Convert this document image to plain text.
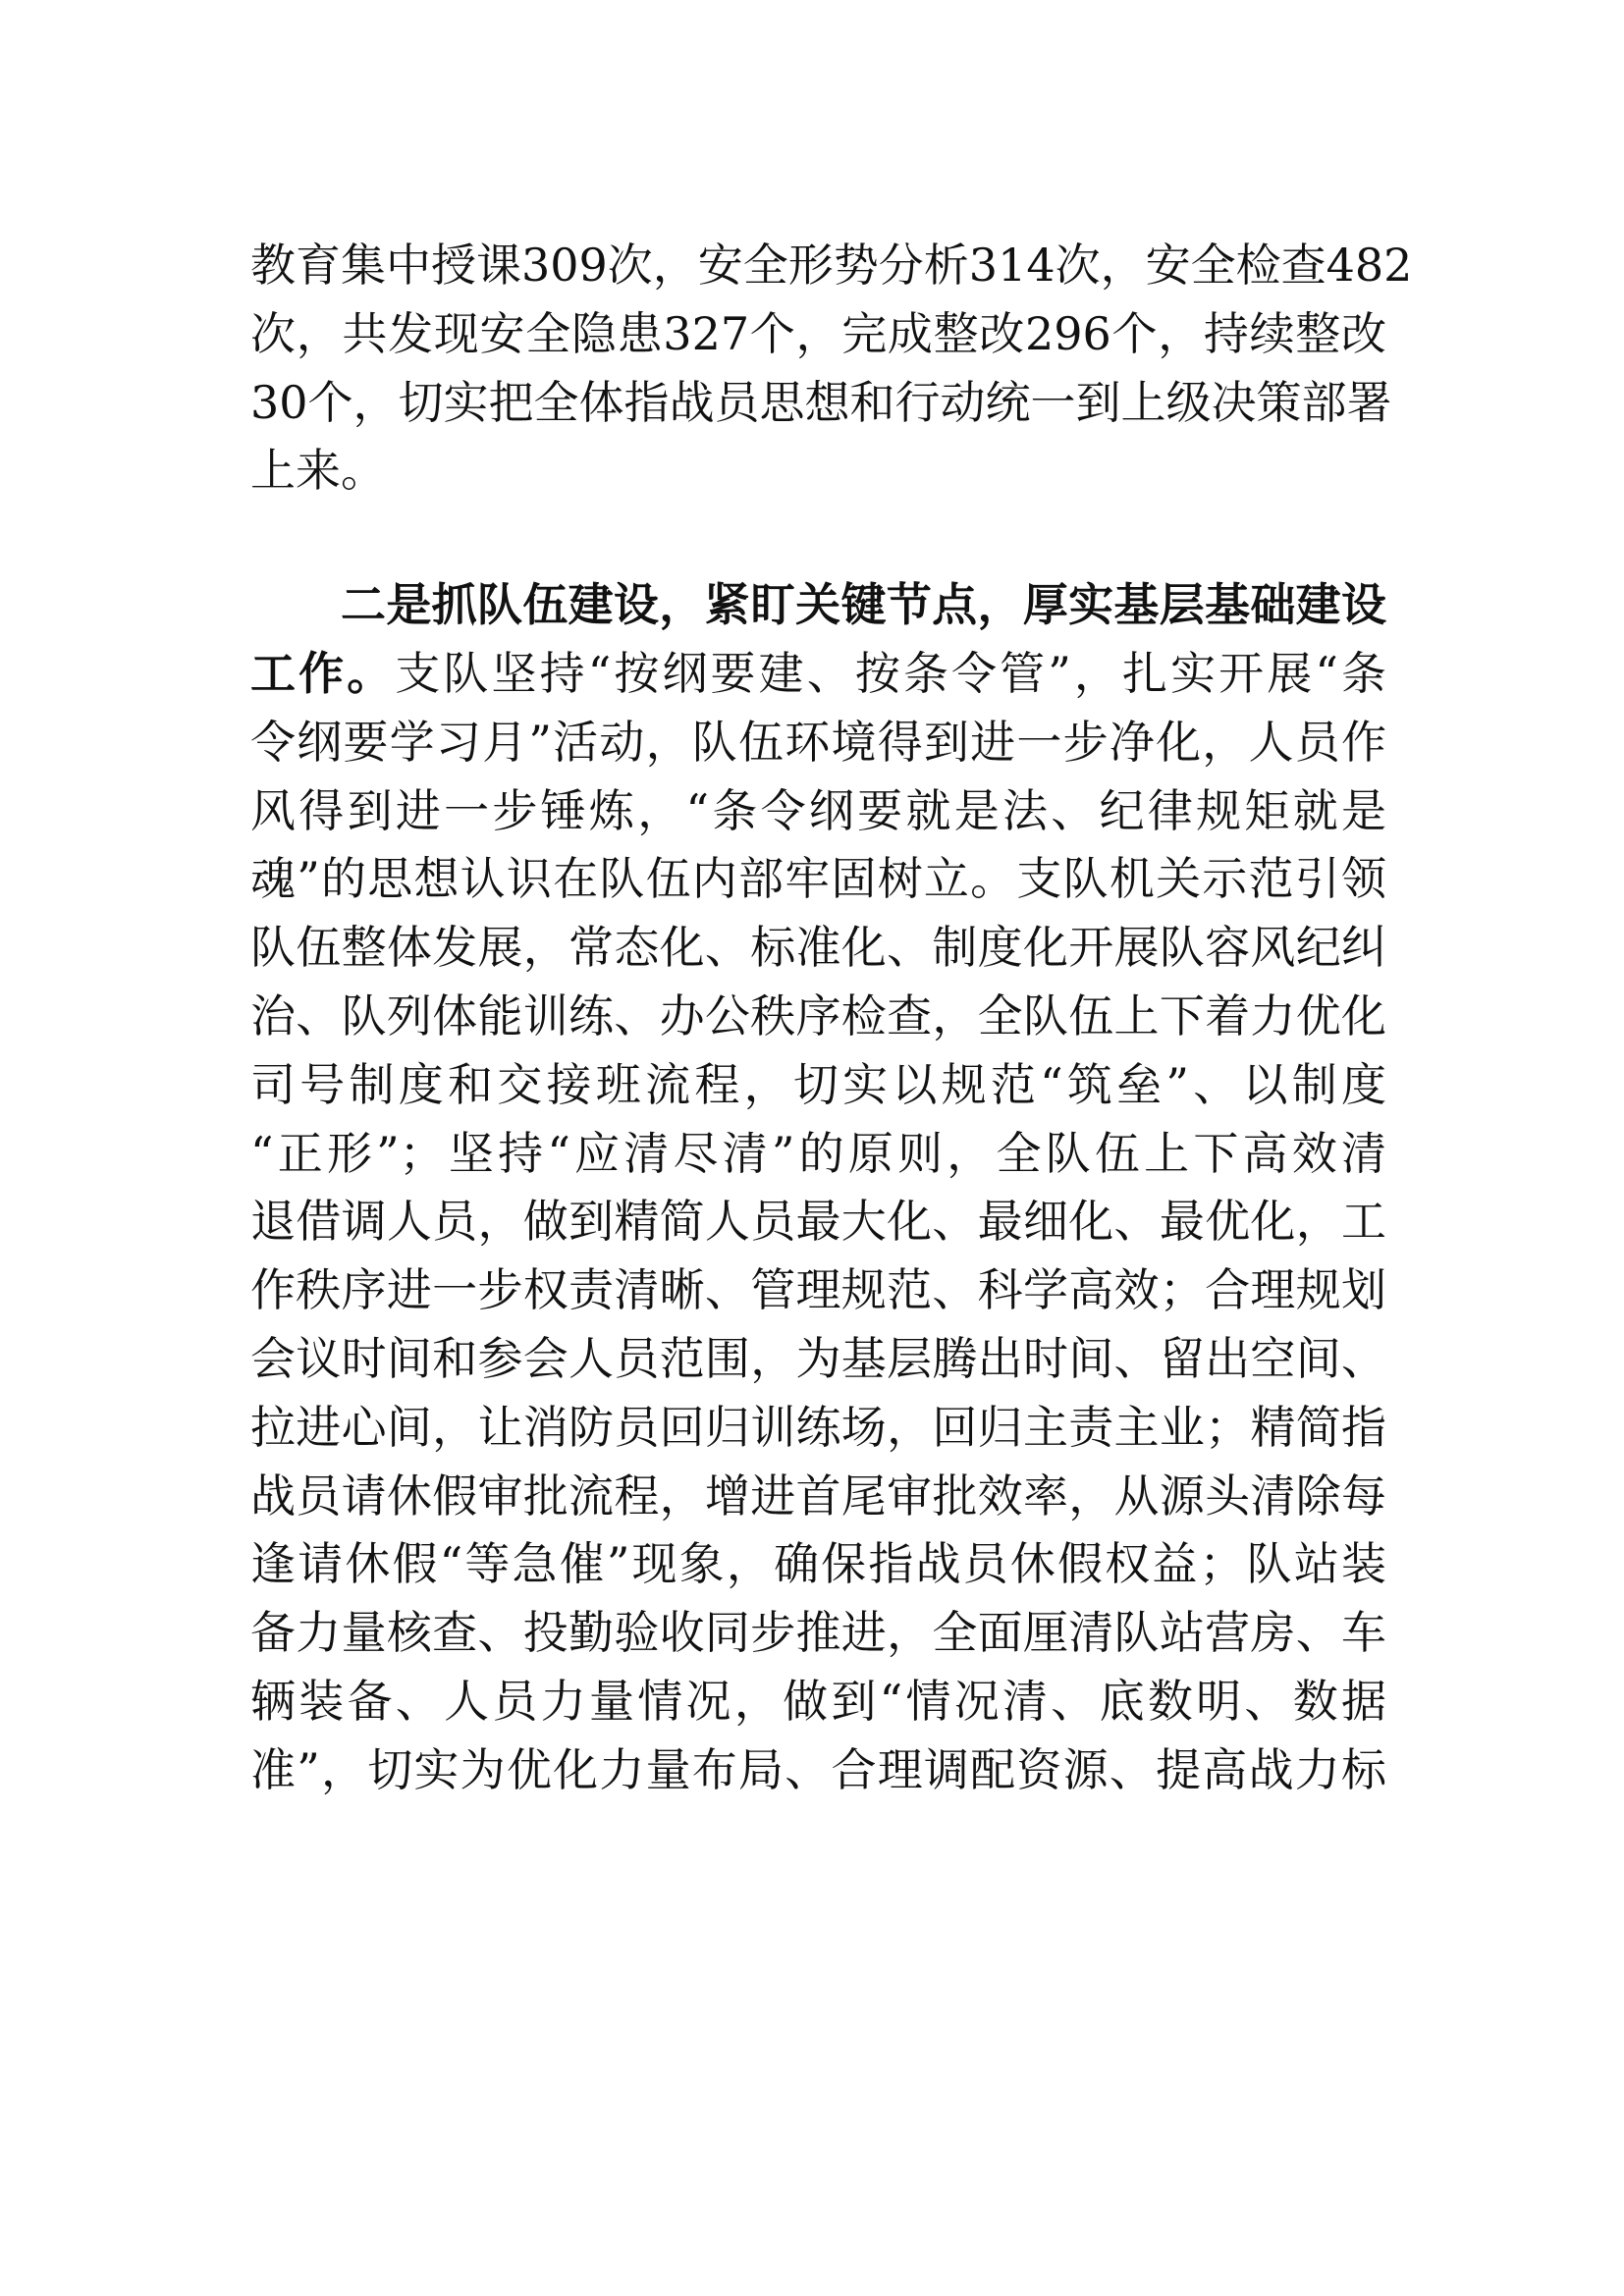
教育集中授课309次，安全形势分析314次，安全检查482
次，共发现安全隐患327个，完成整改296个，持续整改
30个，切实把全体指战员思想和行动统一到上级决策部署
上来。
二是抓队伍建设，紧盯关键节点，厚实基层基础建设
工作。支队坚持“按纲要建、按条令管”，扎实开展“条
令纲要学习月”活动，队伍环境得到进一步净化，人员作
风得到进一步锤炼，“条令纲要就是法、纪律规矩就是
魂”的思想认识在队伍内部牢固树立。支队机关示范引领
队伍整体发展，常态化、标准化、制度化开展队容风纪纠
治、队列体能训练、办公秩序检查，全队伍上下着力优化
司号制度和交接班流程，切实以规范“筑垒”、以制度
“正形”；坚持“应清尽清”的原则，全队伍上下高效清
退借调人员，做到精简人员最大化、最细化、最优化，工
作秩序进一步权责清晰、管理规范、科学高效；合理规划
会议时间和参会人员范围，为基层腾出时间、留出空间、
拉进心间，让消防员回归训练场，回归主责主业；精简指
战员请休假审批流程，增进首尾审批效率，从源头清除每
逢请休假“等急催”现象，确保指战员休假权益；队站装
备力量核查、投勤验收同步推进，全面厘清队站营房、车
辆装备、人员力量情况，做到“情况清、底数明、数据
准”，切实为优化力量布局、合理调配资源、提高战力标
